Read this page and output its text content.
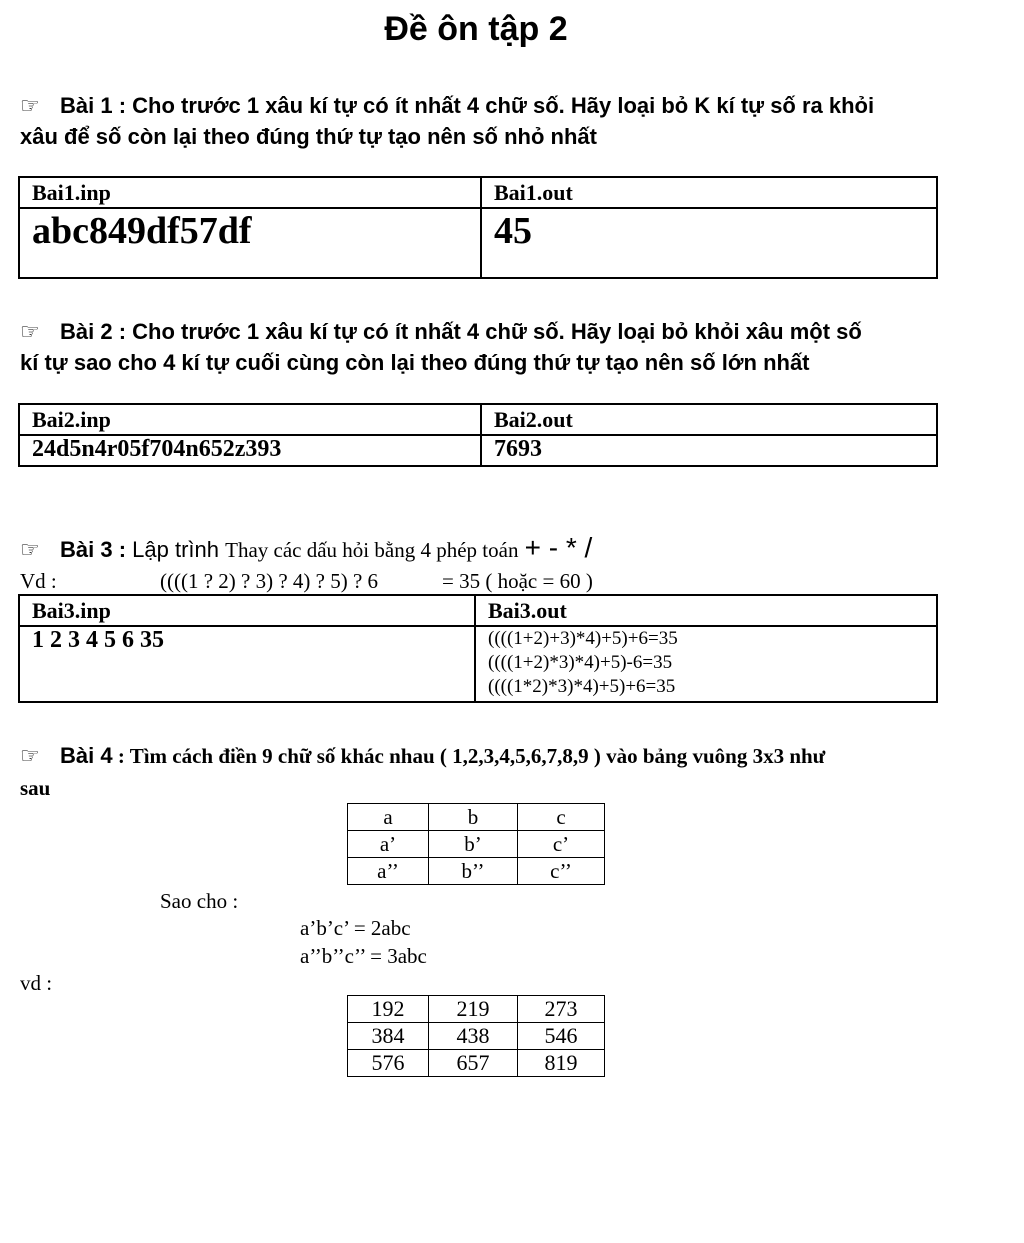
Đề ôn tập 2
☞ Bài 1 : Cho trước 1 xâu kí tự có ít nhất 4 chữ số. Hãy loại bỏ K kí tự số ra khỏi
xâu để số còn lại theo đúng thứ tự tạo nên số nhỏ nhất
Bai1.inp	Bai1.out
abc849df57df	45
☞ Bài 2 : Cho trước 1 xâu kí tự có ít nhất 4 chữ số. Hãy loại bỏ khỏi xâu một số
kí tự sao cho 4 kí tự cuối cùng còn lại theo đúng thứ tự tạo nên số lớn nhất
Bai2.inp	Bai2.out
24d5n4r05f704n652z393	7693
☞ Bài 3 : Lập trình Thay các dấu hỏi bằng 4 phép toán + - * /
Vd :	((((1 ? 2) ? 3) ? 4) ? 5) ? 6	= 35 ( hoặc = 60 )
Bai3.inp	Bai3.out
1 2 3 4 5 6 35	((((1+2)+3)*4)+5)+6=35
((((1+2)*3)*4)+5)-6=35
((((1*2)*3)*4)+5)+6=35
☞ Bài 4 : Tìm cách điền 9 chữ số khác nhau ( 1,2,3,4,5,6,7,8,9 ) vào bảng vuông 3x3 như
sau
a	b	c
a’	b’	c’
a’’	b’’	c’’
Sao cho :
a’b’c’ = 2abc
a’’b’’c’’ = 3abc
vd :
192	219	273
384	438	546
576	657	819
